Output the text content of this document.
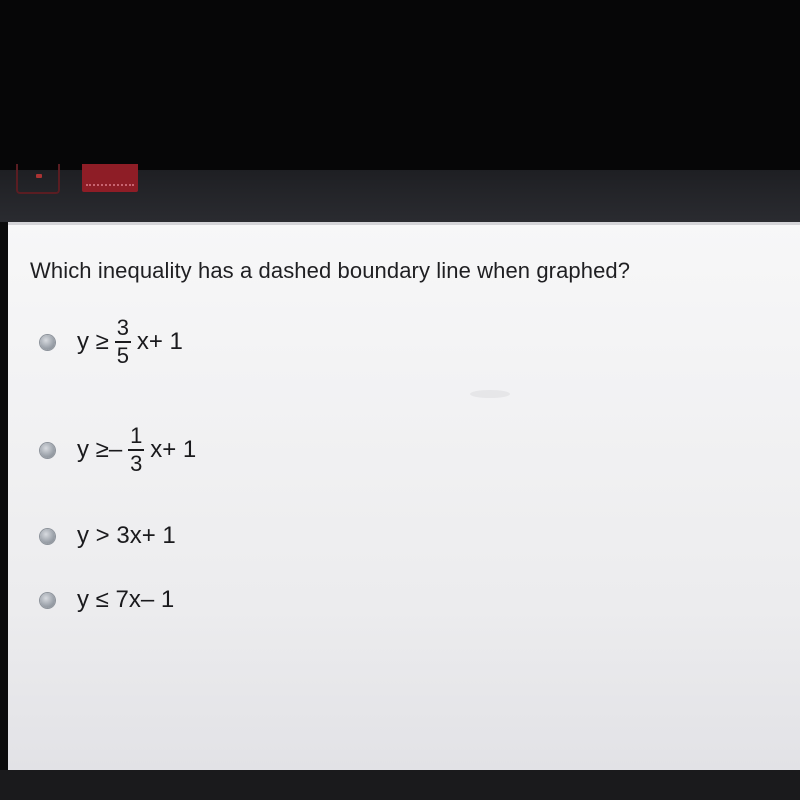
Which inequality has a dashed boundary line when graphed?
y
≥ $\frac{3}{5} x+ 1$
y
≥ – $\frac{1}{3} x+ 1$
y > 3x+ 1
y ≤ 7x– 1
